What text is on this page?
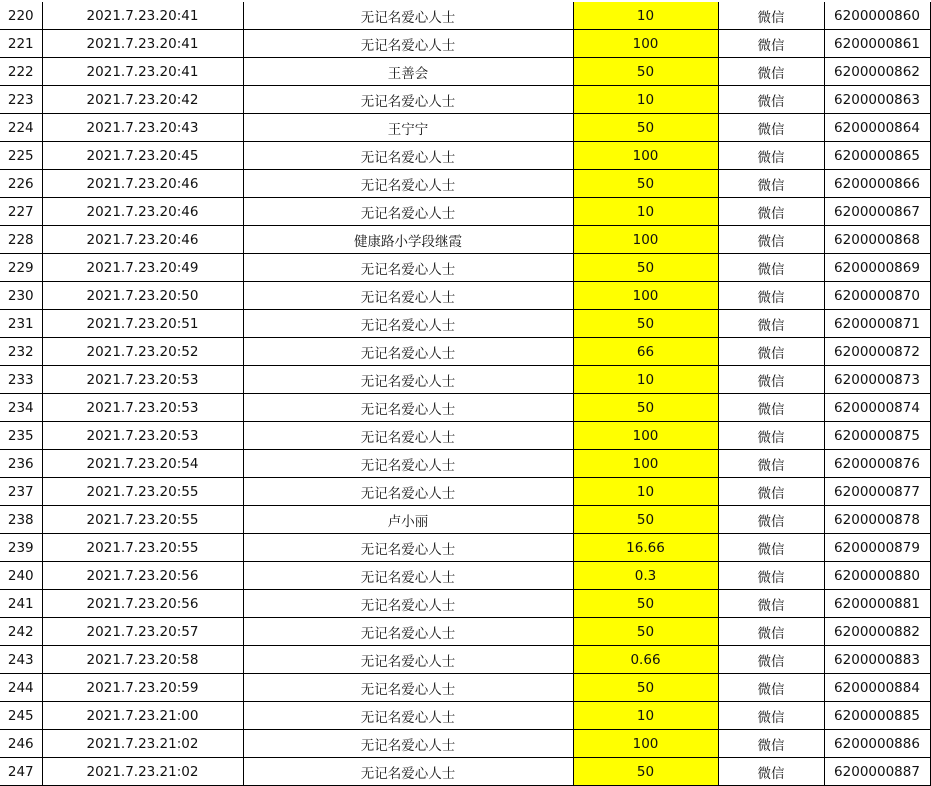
220	2021.7.23.20:41	无记名爱心人士	10	微信	6200000860
221	2021.7.23.20:41	无记名爱心人士	100	微信	6200000861
222	2021.7.23.20:41	王善会	50	微信	6200000862
223	2021.7.23.20:42	无记名爱心人士	10	微信	6200000863
224	2021.7.23.20:43	王宁宁	50	微信	6200000864
225	2021.7.23.20:45	无记名爱心人士	100	微信	6200000865
226	2021.7.23.20:46	无记名爱心人士	50	微信	6200000866
227	2021.7.23.20:46	无记名爱心人士	10	微信	6200000867
228	2021.7.23.20:46	健康路小学段继霞	100	微信	6200000868
229	2021.7.23.20:49	无记名爱心人士	50	微信	6200000869
230	2021.7.23.20:50	无记名爱心人士	100	微信	6200000870
231	2021.7.23.20:51	无记名爱心人士	50	微信	6200000871
232	2021.7.23.20:52	无记名爱心人士	66	微信	6200000872
233	2021.7.23.20:53	无记名爱心人士	10	微信	6200000873
234	2021.7.23.20:53	无记名爱心人士	50	微信	6200000874
235	2021.7.23.20:53	无记名爱心人士	100	微信	6200000875
236	2021.7.23.20:54	无记名爱心人士	100	微信	6200000876
237	2021.7.23.20:55	无记名爱心人士	10	微信	6200000877
238	2021.7.23.20:55	卢小丽	50	微信	6200000878
239	2021.7.23.20:55	无记名爱心人士	16.66	微信	6200000879
240	2021.7.23.20:56	无记名爱心人士	0.3	微信	6200000880
241	2021.7.23.20:56	无记名爱心人士	50	微信	6200000881
242	2021.7.23.20:57	无记名爱心人士	50	微信	6200000882
243	2021.7.23.20:58	无记名爱心人士	0.66	微信	6200000883
244	2021.7.23.20:59	无记名爱心人士	50	微信	6200000884
245	2021.7.23.21:00	无记名爱心人士	10	微信	6200000885
246	2021.7.23.21:02	无记名爱心人士	100	微信	6200000886
247	2021.7.23.21:02	无记名爱心人士	50	微信	6200000887
